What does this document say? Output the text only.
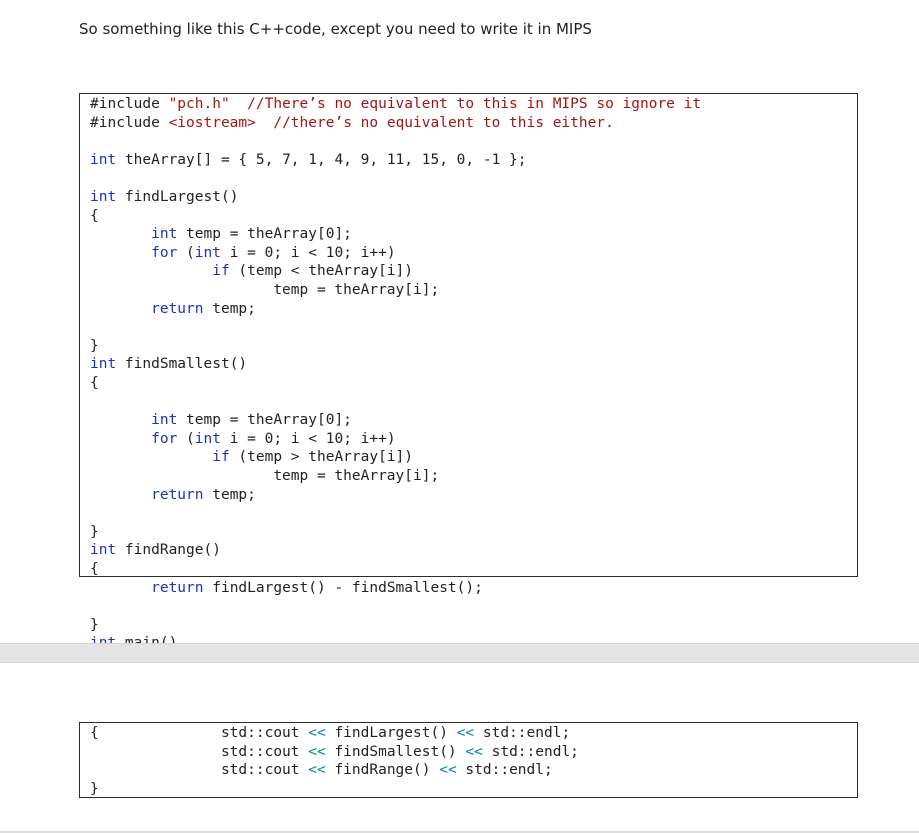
So something like this C++code, except you need to write it in MIPS
#include "pch.h"  //There’s no equivalent to this in MIPS so ignore it
#include <iostream>  //there’s no equivalent to this either.
int theArray[] = { 5, 7, 1, 4, 9, 11, 15, 0, -1 };
int findLargest()
{
int temp = theArray[0];
for (int i = 0; i < 10; i++)
if (temp < theArray[i])
temp = theArray[i];
return temp;
}
int findSmallest()
{
int temp = theArray[0];
for (int i = 0; i < 10; i++)
if (temp > theArray[i])
temp = theArray[i];
return temp;
}
int findRange()
{
return findLargest() - findSmallest();
}
{              std::cout << findLargest() << std::endl;
std::cout << findSmallest() << std::endl;
std::cout << findRange() << std::endl;
}
